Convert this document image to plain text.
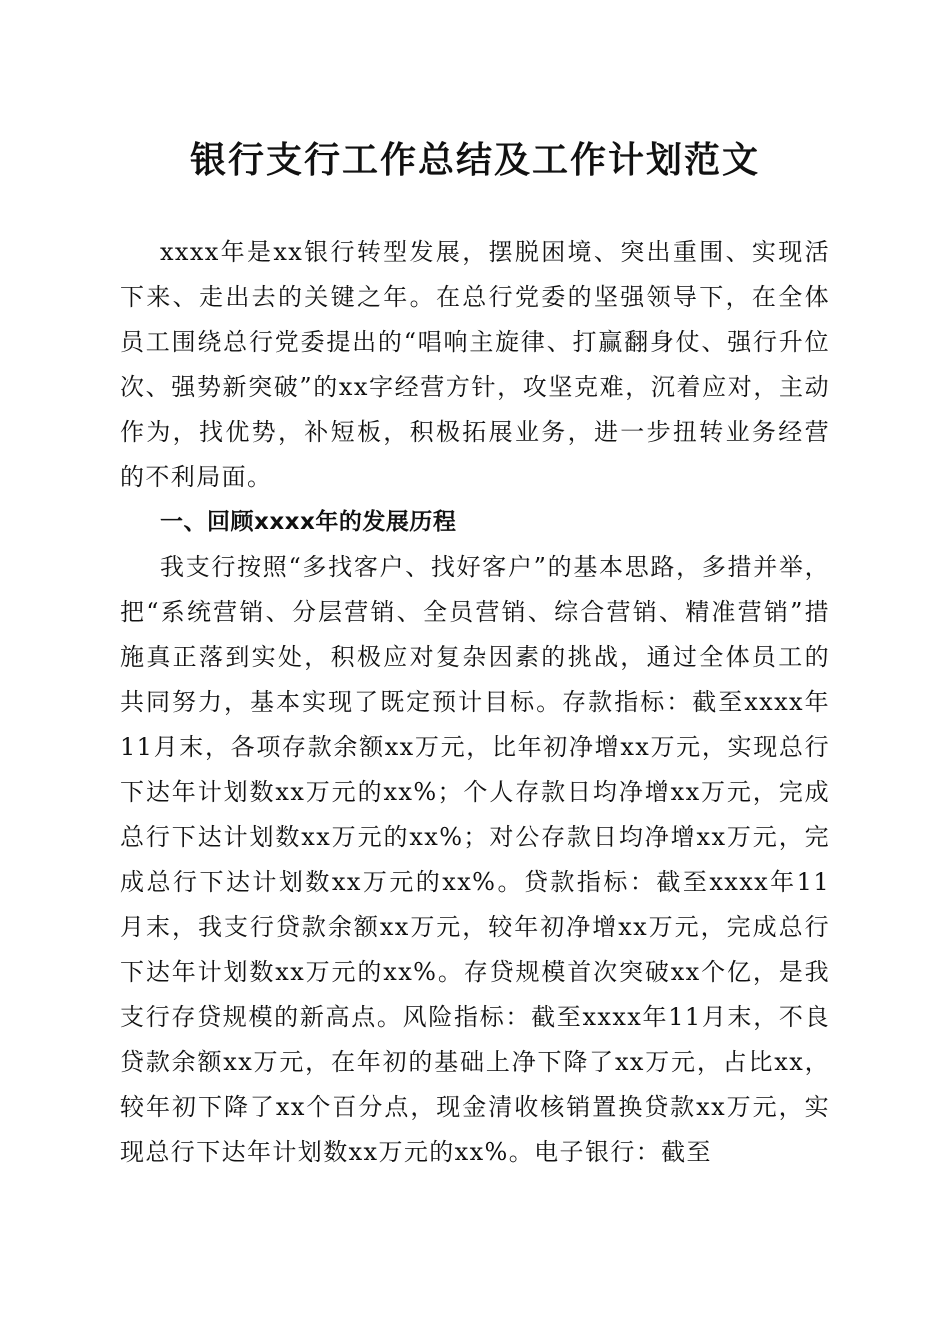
银行支行工作总结及工作计划范文

xxxx年是xx银行转型发展，摆脱困境、突出重围、实现活下来、走出去的关键之年。在总行党委的坚强领导下，在全体员工围绕总行党委提出的“唱响主旋律、打赢翻身仗、强行升位次、强势新突破”的xx字经营方针，攻坚克难，沉着应对，主动作为，找优势，补短板，积极拓展业务，进一步扭转业务经营的不利局面。

一、回顾xxxx年的发展历程

我支行按照“多找客户、找好客户”的基本思路，多措并举，把“系统营销、分层营销、全员营销、综合营销、精准营销”措施真正落到实处，积极应对复杂因素的挑战，通过全体员工的共同努力，基本实现了既定预计目标。存款指标：截至xxxx年11月末，各项存款余额xx万元，比年初净增xx万元，实现总行下达年计划数xx万元的xx%；个人存款日均净增xx万元，完成总行下达计划数xx万元的xx%；对公存款日均净增xx万元，完成总行下达计划数xx万元的xx%。贷款指标：截至xxxx年11月末，我支行贷款余额xx万元，较年初净增xx万元，完成总行下达年计划数xx万元的xx%。存贷规模首次突破xx个亿，是我支行存贷规模的新高点。风险指标：截至xxxx年11月末，不良贷款余额xx万元，在年初的基础上净下降了xx万元，占比xx，较年初下降了xx个百分点，现金清收核销置换贷款xx万元，实现总行下达年计划数xx万元的xx%。电子银行：截至
